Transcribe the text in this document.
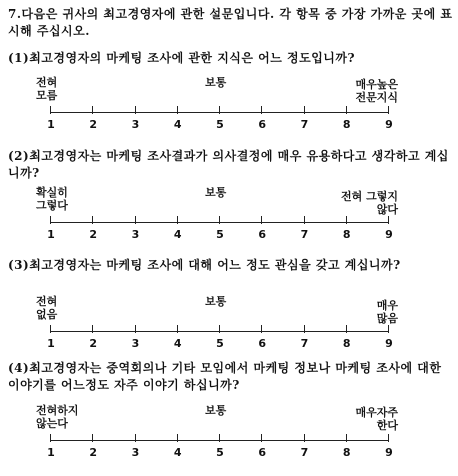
7.다음은 귀사의 최고경영자에 관한 설문입니다. 각 항목 중 가장 가까운 곳에 표시해 주십시오.
(1)최고경영자의 마케팅 조사에 관한 지식은 어느 정도입니까?
전혀
모름
보통	매우높은
전문지식
1	2	3	4	5	6	7	8	9
(2)최고경영자는 마케팅 조사결과가 의사결정에 매우 유용하다고 생각하고 계십니까?
확실히
그렇다
보통	전혀 그렇지
않다
1	2	3	4	5	6	7	8	9
(3)최고경영자는 마케팅 조사에 대해 어느 정도 관심을 갖고 계십니까?
전혀
없음
보통	매우
많음
1	2	3	4	5	6	7	8	9
(4)최고경영자는 중역회의나 기타 모임에서 마케팅 정보나 마케팅 조사에 대한 이야기를 어느정도 자주 이야기 하십니까?
전혀하지
않는다
보통	매우자주
한다
1	2	3	4	5	6	7	8	9
